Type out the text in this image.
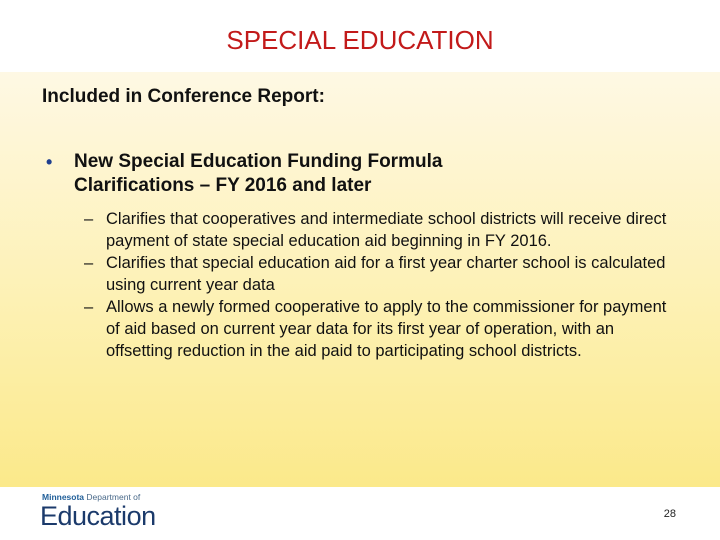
SPECIAL EDUCATION
Included in Conference Report:
• New Special Education Funding Formula
Clarifications – FY 2016 and later
– Clarifies that cooperatives and intermediate school districts will receive direct payment of state special education aid beginning in FY 2016.
– Clarifies that special education aid for a first year charter school is calculated using current year data
– Allows a newly formed cooperative to apply to the commissioner for payment of aid based on current year data for its first year of operation, with an offsetting reduction in the aid paid to participating school districts.
Minnesota Department of
Education	28
